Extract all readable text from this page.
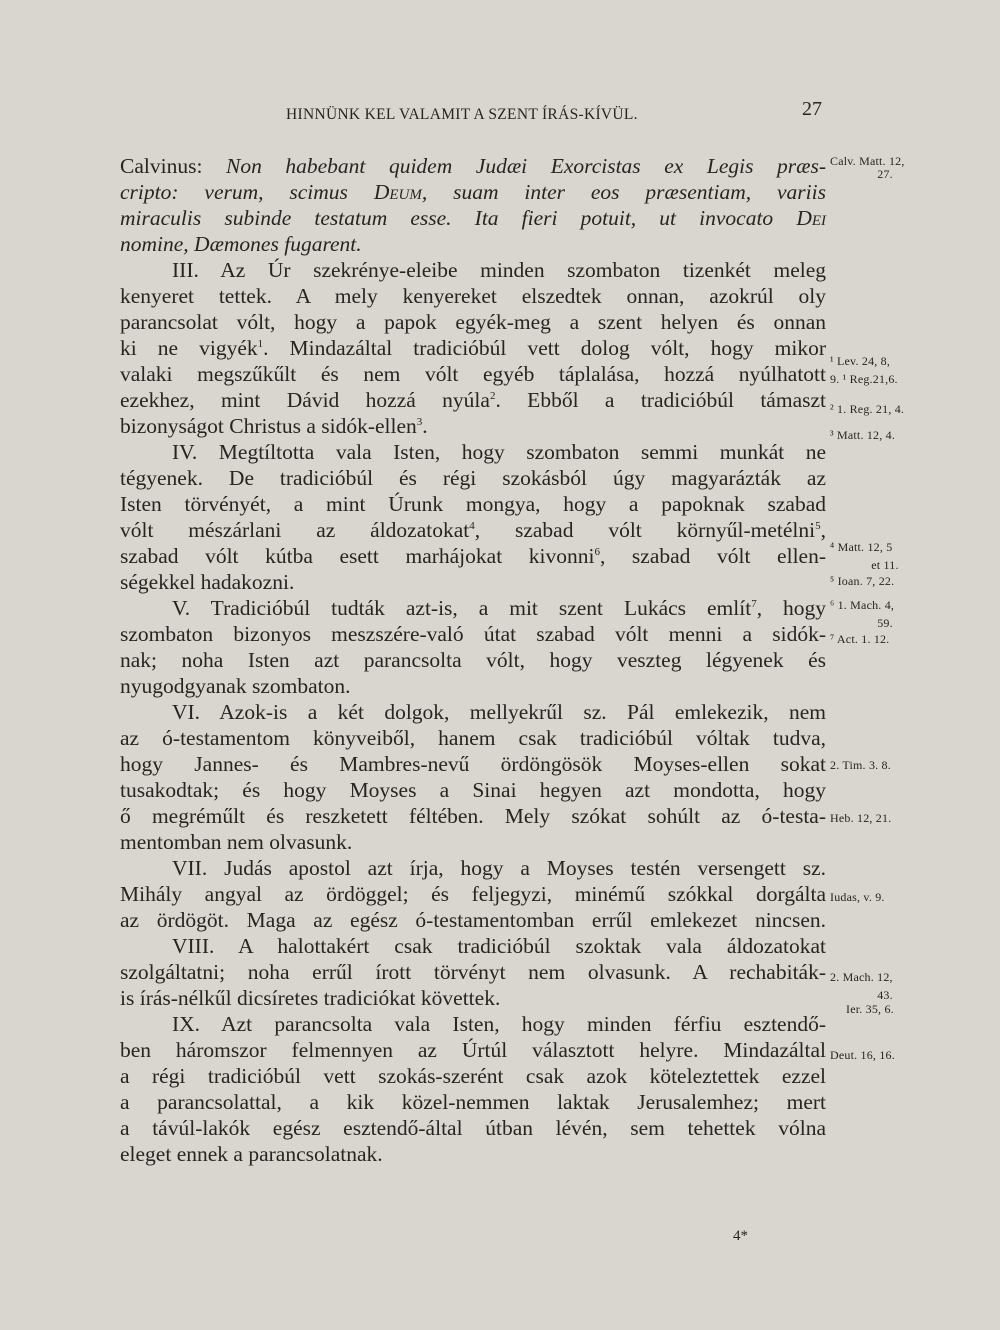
HINNÜNK KEL VALAMIT A SZENT ÍRÁS-KÍVÜL.	27
Calvinus: Non habebant quidem Judæi Exorcistas ex Legis præs-
cripto: verum, scimus Deum, suam inter eos præsentiam, variis
miraculis subinde testatum esse. Ita fieri potuit, ut invocato Dei
nomine, Dæmones fugarent.
III. Az Úr szekrénye-eleibe minden szombaton tizenkét meleg
kenyeret tettek. A mely kenyereket elszedtek onnan, azokrúl oly
parancsolat vólt, hogy a papok egyék-meg a szent helyen és onnan
ki ne vigyék$^1$. Mindazáltal tradicióbúl vett dolog vólt, hogy mikor
valaki megszűkűlt és nem vólt egyéb táplalása, hozzá nyúlhatott
ezekhez, mint Dávid hozzá nyúla$^2$. Ebből a tradicióbúl támaszt
bizonyságot Christus a sidók-ellen$^3$.
IV. Megtíltotta vala Isten, hogy szombaton semmi munkát ne
tégyenek. De tradicióbúl és régi szokásból úgy magyarázták az
Isten törvényét, a mint Úrunk mongya, hogy a papoknak szabad
vólt mészárlani az áldozatokat$^4$, szabad vólt környűl-metélni$^5$,
szabad vólt kútba esett marhájokat kivonni$^6$, szabad vólt ellen-
ségekkel hadakozni.
V. Tradicióbúl tudták azt-is, a mit szent Lukács említ$^7$, hogy
szombaton bizonyos meszszére-való útat szabad vólt menni a sidók-
nak; noha Isten azt parancsolta vólt, hogy veszteg légyenek és
nyugodgyanak szombaton.
VI. Azok-is a két dolgok, mellyekrűl sz. Pál emlekezik, nem
az ó-testamentom könyveiből, hanem csak tradicióbúl vóltak tudva,
hogy Jannes- és Mambres-nevű ördöngösök Moyses-ellen sokat
tusakodtak; és hogy Moyses a Sinai hegyen azt mondotta, hogy
ő megréműlt és reszketett féltében. Mely szókat sohúlt az ó-testa-
mentomban nem olvasunk.
VII. Judás apostol azt írja, hogy a Moyses testén versengett sz.
Mihály angyal az ördöggel; és feljegyzi, minémű szókkal dorgálta
az ördögöt. Maga az egész ó-testamentomban errűl emlekezet nincsen.
VIII. A halottakért csak tradicióbúl szoktak vala áldozatokat
szolgáltatni; noha errűl írott törvényt nem olvasunk. A rechabiták-
is írás-nélkűl dicsíretes tradiciókat követtek.
IX. Azt parancsolta vala Isten, hogy minden férfiu esztendő-
ben háromszor felmennyen az Úrtúl választott helyre. Mindazáltal
a régi tradicióbúl vett szokás-szerént csak azok köteleztettek ezzel
a parancsolattal, a kik közel-nemmen laktak Jerusalemhez; mert
a távúl-lakók egész esztendő-által útban lévén, sem tehettek vólna
eleget ennek a parancsolatnak.
Calv. Matt. 12,
27.
¹ Lev. 24, 8,
9. ¹ Reg.21,6.
² 1. Reg. 21, 4.
³ Matt. 12, 4.
⁴ Matt. 12, 5
et 11.
⁵ Ioan. 7, 22.
⁶ 1. Mach. 4,
59.
⁷ Act. 1. 12.
2. Tim. 3. 8.
Heb. 12, 21.
Iudas, v. 9.
2. Mach. 12,
43.
Ier. 35, 6.
Deut. 16, 16.
4*
